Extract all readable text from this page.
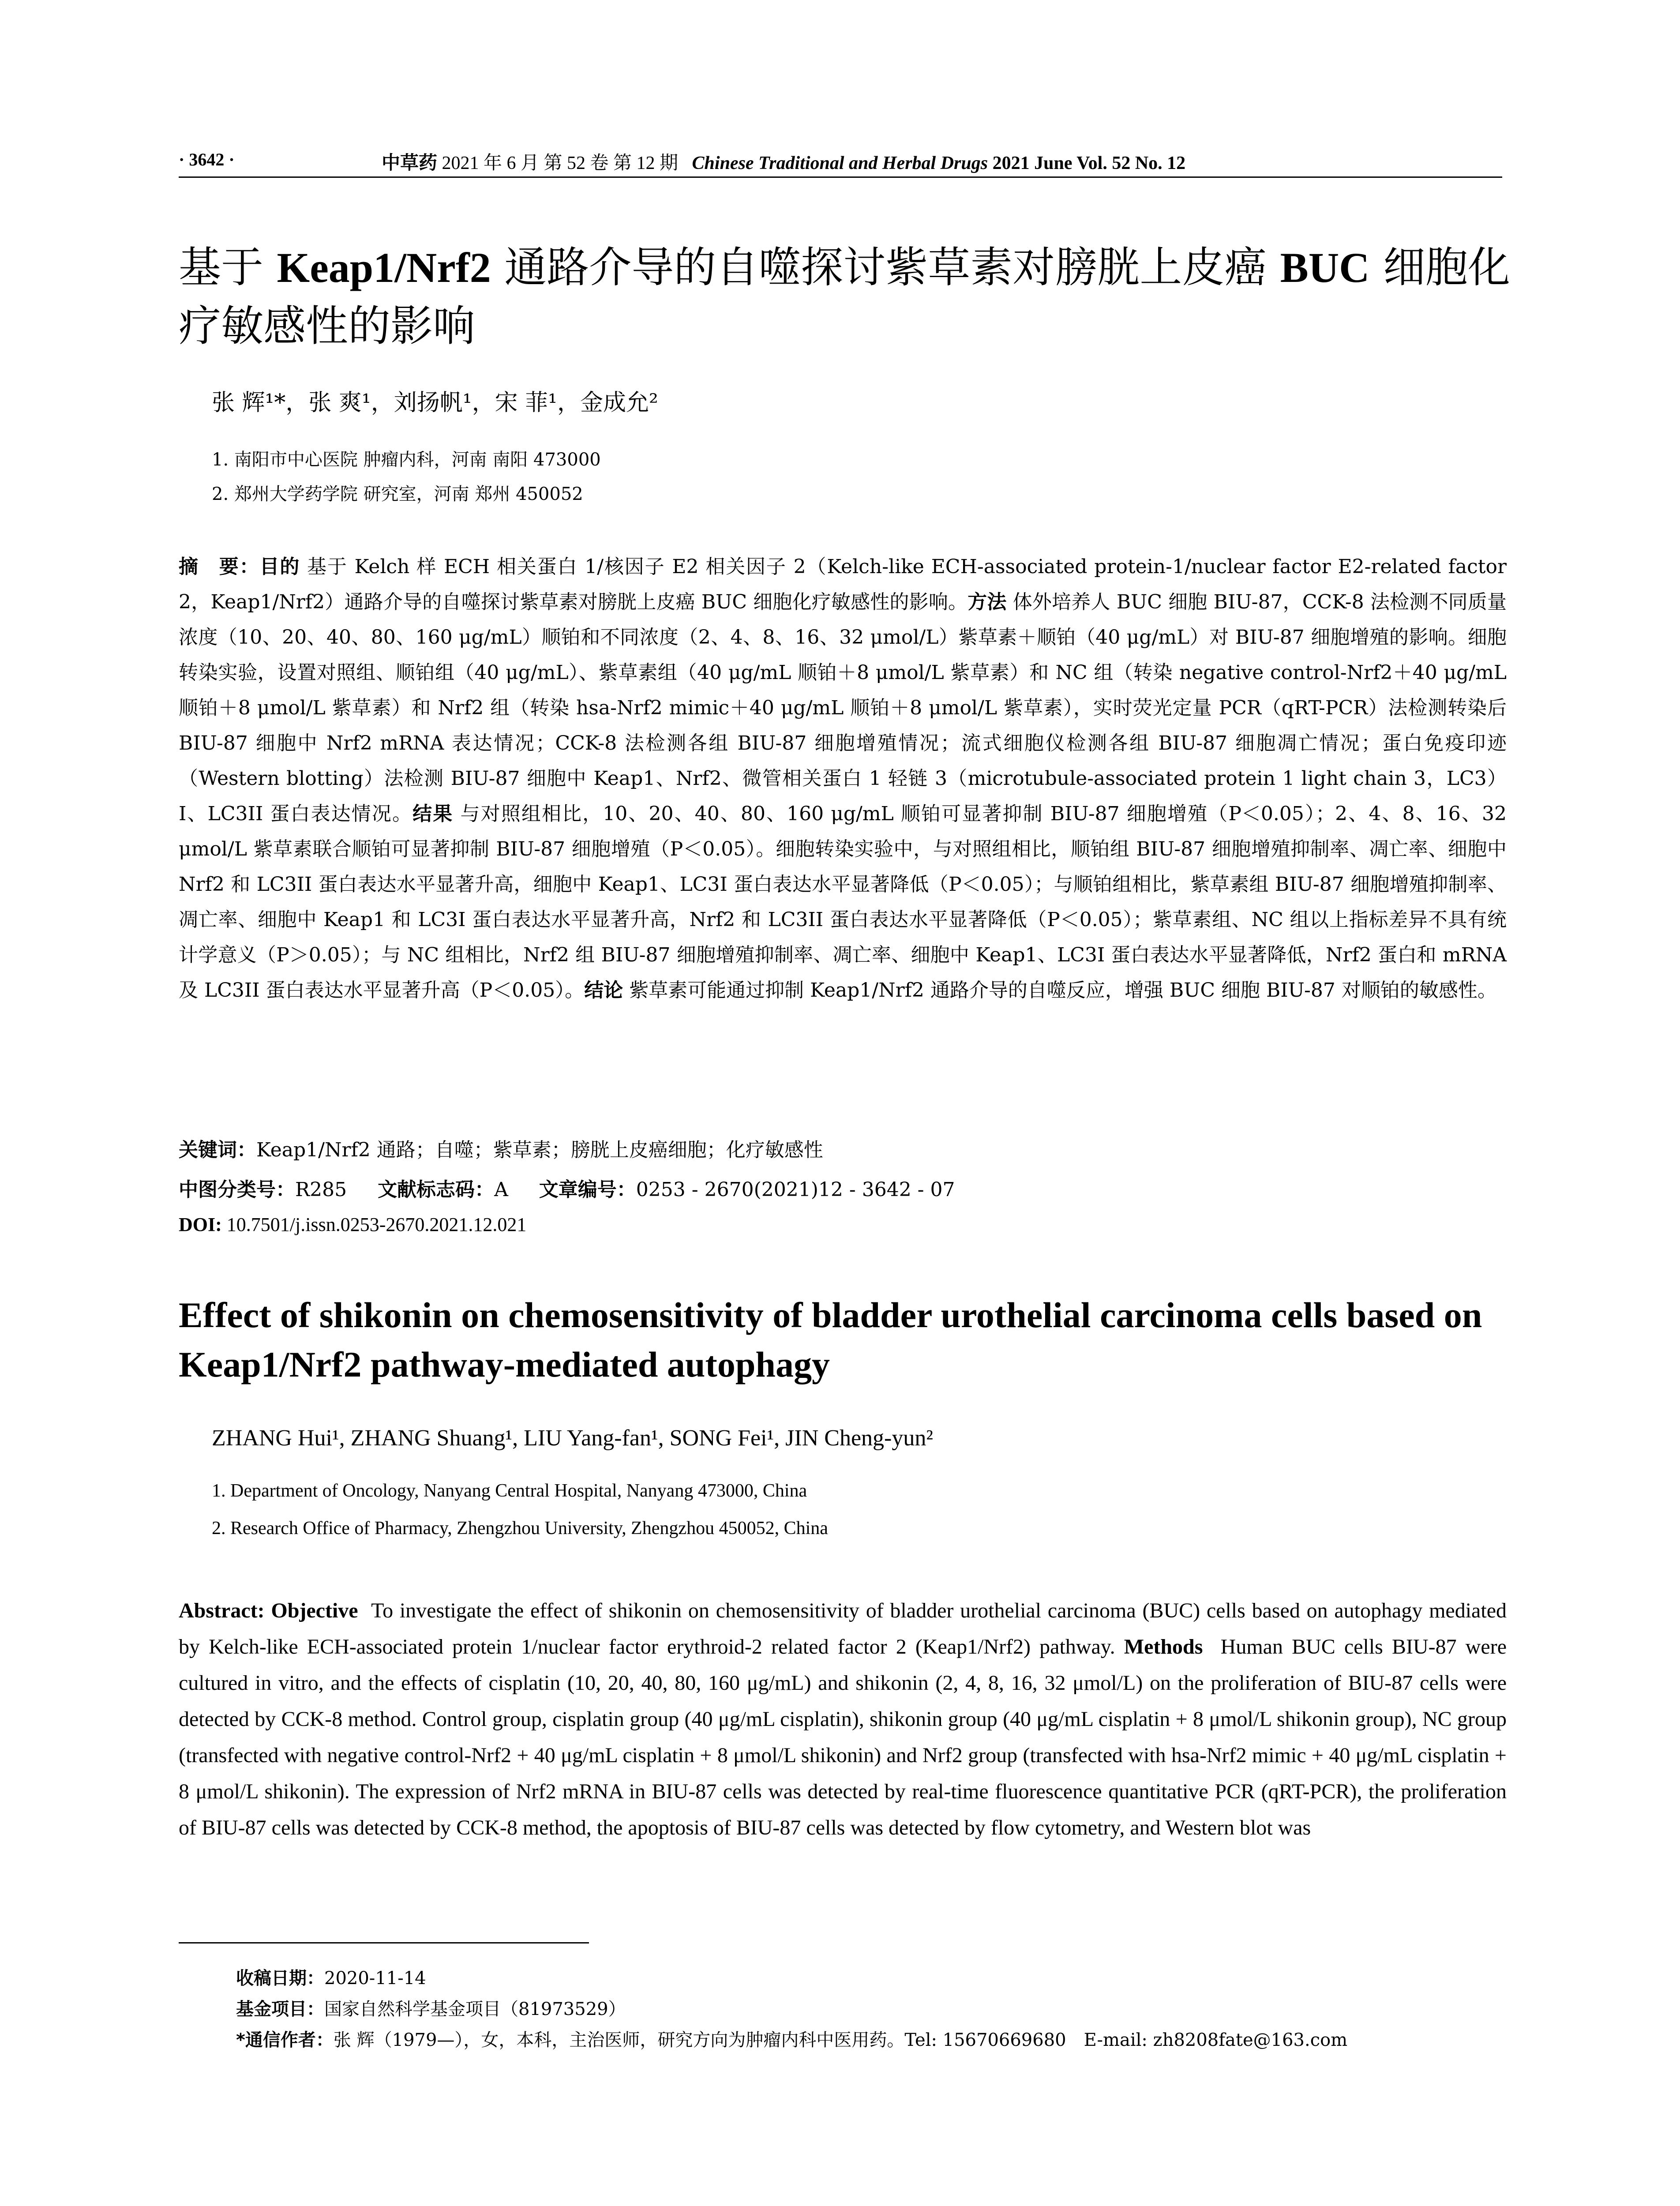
· 3642 ·	中草药 2021 年 6 月 第 52 卷 第 12 期 Chinese Traditional and Herbal Drugs 2021 June Vol. 52 No. 12
基于 Keap1/Nrf2 通路介导的自噬探讨紫草素对膀胱上皮癌 BUC 细胞化疗敏感性的影响
张 辉¹*，张 爽¹，刘扬帆¹，宋 菲¹，金成允²
1. 南阳市中心医院 肿瘤内科，河南 南阳 473000
2. 郑州大学药学院 研究室，河南 郑州 450052
摘　要：目的 基于 Kelch 样 ECH 相关蛋白 1/核因子 E2 相关因子 2（Kelch-like ECH-associated protein-1/nuclear factor E2-related factor 2，Keap1/Nrf2）通路介导的自噬探讨紫草素对膀胱上皮癌 BUC 细胞化疗敏感性的影响。方法 体外培养人 BUC 细胞 BIU-87，CCK-8 法检测不同质量浓度（10、20、40、80、160 μg/mL）顺铂和不同浓度（2、4、8、16、32 μmol/L）紫草素＋顺铂（40 μg/mL）对 BIU-87 细胞增殖的影响。细胞转染实验，设置对照组、顺铂组（40 μg/mL）、紫草素组（40 μg/mL 顺铂＋8 μmol/L 紫草素）和 NC 组（转染 negative control-Nrf2＋40 μg/mL 顺铂＋8 μmol/L 紫草素）和 Nrf2 组（转染 hsa-Nrf2 mimic＋40 μg/mL 顺铂＋8 μmol/L 紫草素），实时荧光定量 PCR（qRT-PCR）法检测转染后 BIU-87 细胞中 Nrf2 mRNA 表达情况；CCK-8 法检测各组 BIU-87 细胞增殖情况；流式细胞仪检测各组 BIU-87 细胞凋亡情况；蛋白免疫印迹（Western blotting）法检测 BIU-87 细胞中 Keap1、Nrf2、微管相关蛋白 1 轻链 3（microtubule-associated protein 1 light chain 3，LC3）I、LC3II 蛋白表达情况。结果 与对照组相比，10、20、40、80、160 μg/mL 顺铂可显著抑制 BIU-87 细胞增殖（P＜0.05）；2、4、8、16、32 μmol/L 紫草素联合顺铂可显著抑制 BIU-87 细胞增殖（P＜0.05）。细胞转染实验中，与对照组相比，顺铂组 BIU-87 细胞增殖抑制率、凋亡率、细胞中 Nrf2 和 LC3II 蛋白表达水平显著升高，细胞中 Keap1、LC3I 蛋白表达水平显著降低（P＜0.05）；与顺铂组相比，紫草素组 BIU-87 细胞增殖抑制率、凋亡率、细胞中 Keap1 和 LC3I 蛋白表达水平显著升高，Nrf2 和 LC3II 蛋白表达水平显著降低（P＜0.05）；紫草素组、NC 组以上指标差异不具有统计学意义（P＞0.05）；与 NC 组相比，Nrf2 组 BIU-87 细胞增殖抑制率、凋亡率、细胞中 Keap1、LC3I 蛋白表达水平显著降低，Nrf2 蛋白和 mRNA 及 LC3II 蛋白表达水平显著升高（P＜0.05）。结论 紫草素可能通过抑制 Keap1/Nrf2 通路介导的自噬反应，增强 BUC 细胞 BIU-87 对顺铂的敏感性。
关键词：Keap1/Nrf2 通路；自噬；紫草素；膀胱上皮癌细胞；化疗敏感性
中图分类号：R285 文献标志码：A 文章编号：0253 - 2670(2021)12 - 3642 - 07
DOI: 10.7501/j.issn.0253-2670.2021.12.021
Effect of shikonin on chemosensitivity of bladder urothelial carcinoma cells based on Keap1/Nrf2 pathway-mediated autophagy
ZHANG Hui¹, ZHANG Shuang¹, LIU Yang-fan¹, SONG Fei¹, JIN Cheng-yun²
1. Department of Oncology, Nanyang Central Hospital, Nanyang 473000, China
2. Research Office of Pharmacy, Zhengzhou University, Zhengzhou 450052, China
Abstract: Objective To investigate the effect of shikonin on chemosensitivity of bladder urothelial carcinoma (BUC) cells based on autophagy mediated by Kelch-like ECH-associated protein 1/nuclear factor erythroid-2 related factor 2 (Keap1/Nrf2) pathway. Methods Human BUC cells BIU-87 were cultured in vitro, and the effects of cisplatin (10, 20, 40, 80, 160 μg/mL) and shikonin (2, 4, 8, 16, 32 μmol/L) on the proliferation of BIU-87 cells were detected by CCK-8 method. Control group, cisplatin group (40 μg/mL cisplatin), shikonin group (40 μg/mL cisplatin + 8 μmol/L shikonin group), NC group (transfected with negative control-Nrf2 + 40 μg/mL cisplatin + 8 μmol/L shikonin) and Nrf2 group (transfected with hsa-Nrf2 mimic + 40 μg/mL cisplatin + 8 μmol/L shikonin). The expression of Nrf2 mRNA in BIU-87 cells was detected by real-time fluorescence quantitative PCR (qRT-PCR), the proliferation of BIU-87 cells was detected by CCK-8 method, the apoptosis of BIU-87 cells was detected by flow cytometry, and Western blot was
收稿日期：2020-11-14
基金项目：国家自然科学基金项目（81973529）
*通信作者：张 辉（1979—），女，本科，主治医师，研究方向为肿瘤内科中医用药。Tel: 15670669680　E-mail: zh8208fate@163.com
